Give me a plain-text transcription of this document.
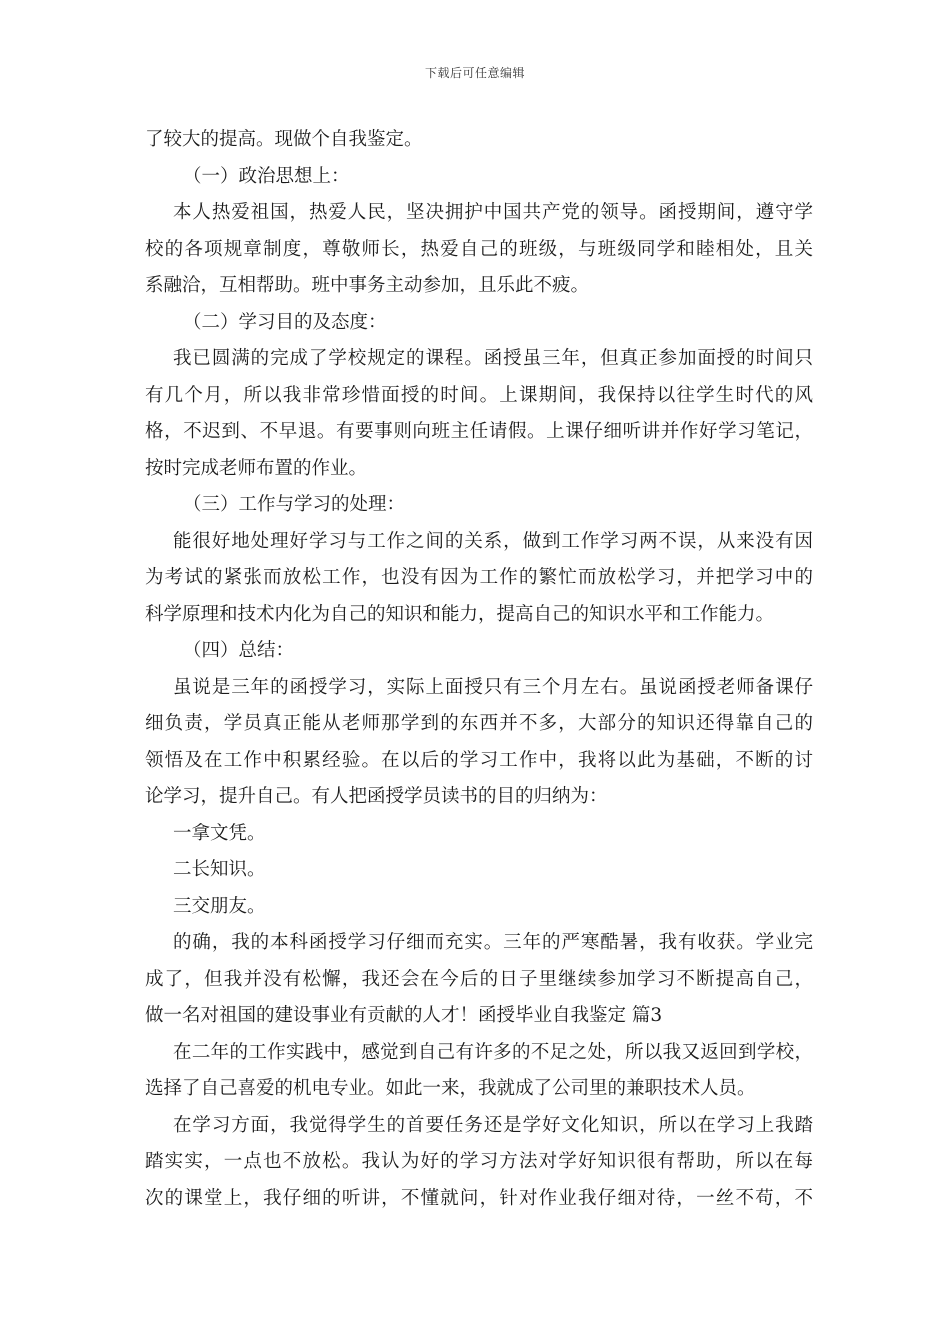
下载后可任意编辑
了较大的提高。现做个自我鉴定。
（一）政治思想上：
本人热爱祖国，热爱人民，坚决拥护中国共产党的领导。函授期间，遵守学
校的各项规章制度，尊敬师长，热爱自己的班级，与班级同学和睦相处，且关
系融洽，互相帮助。班中事务主动参加，且乐此不疲。
（二）学习目的及态度：
我已圆满的完成了学校规定的课程。函授虽三年，但真正参加面授的时间只
有几个月，所以我非常珍惜面授的时间。上课期间，我保持以往学生时代的风
格，不迟到、不早退。有要事则向班主任请假。上课仔细听讲并作好学习笔记，
按时完成老师布置的作业。
（三）工作与学习的处理：
能很好地处理好学习与工作之间的关系，做到工作学习两不误，从来没有因
为考试的紧张而放松工作，也没有因为工作的繁忙而放松学习，并把学习中的
科学原理和技术内化为自己的知识和能力，提高自己的知识水平和工作能力。
（四）总结：
虽说是三年的函授学习，实际上面授只有三个月左右。虽说函授老师备课仔
细负责，学员真正能从老师那学到的东西并不多，大部分的知识还得靠自己的
领悟及在工作中积累经验。在以后的学习工作中，我将以此为基础，不断的讨
论学习，提升自己。有人把函授学员读书的目的归纳为：
一拿文凭。
二长知识。
三交朋友。
的确，我的本科函授学习仔细而充实。三年的严寒酷暑，我有收获。学业完
成了，但我并没有松懈，我还会在今后的日子里继续参加学习不断提高自己，
做一名对祖国的建设事业有贡献的人才！函授毕业自我鉴定 篇3
在二年的工作实践中，感觉到自己有许多的不足之处，所以我又返回到学校，
选择了自己喜爱的机电专业。如此一来，我就成了公司里的兼职技术人员。
在学习方面，我觉得学生的首要任务还是学好文化知识，所以在学习上我踏
踏实实，一点也不放松。我认为好的学习方法对学好知识很有帮助，所以在每
次的课堂上，我仔细的听讲，不懂就问，针对作业我仔细对待，一丝不苟，不
